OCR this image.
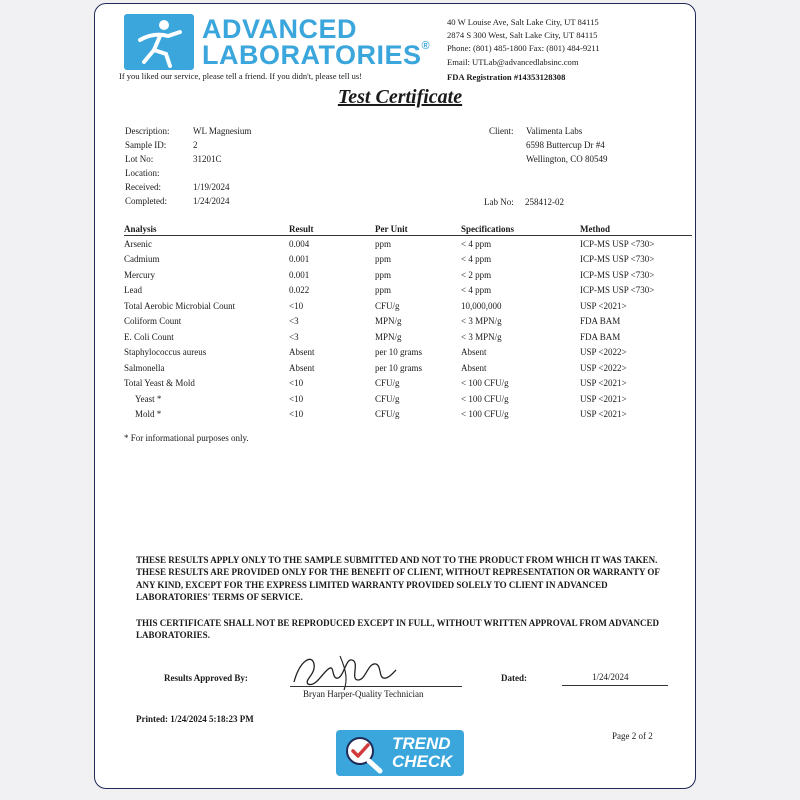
ADVANCED
LABORATORIES®
If you liked our service, please tell a friend. If you didn't, please tell us!
40 W Louise Ave, Salt Lake City, UT 84115
2874 S 300 West, Salt Lake City, UT 84115
Phone: (801) 485-1800 Fax: (801) 484-9211
Email: UTLab@advancedlabsinc.com
FDA Registration #14353128308
Test Certificate
Description:	WL Magnesium
Sample ID:	2
Lot No:	31201C
Location:
Received:	1/19/2024
Completed:	1/24/2024
Client: Valimenta Labs
6598 Buttercup Dr #4
Wellington, CO 80549
Lab No: 258412-02
Analysis	Result	Per Unit	Specifications	Method
Arsenic	0.004	ppm	< 4 ppm	ICP-MS USP <730>
Cadmium	0.001	ppm	< 4 ppm	ICP-MS USP <730>
Mercury	0.001	ppm	< 2 ppm	ICP-MS USP <730>
Lead	0.022	ppm	< 4 ppm	ICP-MS USP <730>
Total Aerobic Microbial Count	<10	CFU/g	10,000,000	USP <2021>
Coliform Count	<3	MPN/g	< 3 MPN/g	FDA BAM
E. Coli Count	<3	MPN/g	< 3 MPN/g	FDA BAM
Staphylococcus aureus	Absent	per 10 grams	Absent	USP <2022>
Salmonella	Absent	per 10 grams	Absent	USP <2022>
Total Yeast & Mold	<10	CFU/g	< 100 CFU/g	USP <2021>
Yeast *	<10	CFU/g	< 100 CFU/g	USP <2021>
Mold *	<10	CFU/g	< 100 CFU/g	USP <2021>
* For informational purposes only.
THESE RESULTS APPLY ONLY TO THE SAMPLE SUBMITTED AND NOT TO THE PRODUCT FROM WHICH IT WAS TAKEN. THESE RESULTS ARE PROVIDED ONLY FOR THE BENEFIT OF CLIENT, WITHOUT REPRESENTATION OR WARRANTY OF ANY KIND, EXCEPT FOR THE EXPRESS LIMITED WARRANTY PROVIDED SOLELY TO CLIENT IN ADVANCED LABORATORIES' TERMS OF SERVICE.
THIS CERTIFICATE SHALL NOT BE REPRODUCED EXCEPT IN FULL, WITHOUT WRITTEN APPROVAL FROM ADVANCED LABORATORIES.
Results Approved By:
Bryan Harper-Quality Technician
Dated:	1/24/2024
Printed: 1/24/2024 5:18:23 PM
Page 2 of 2
TREND
CHECK
